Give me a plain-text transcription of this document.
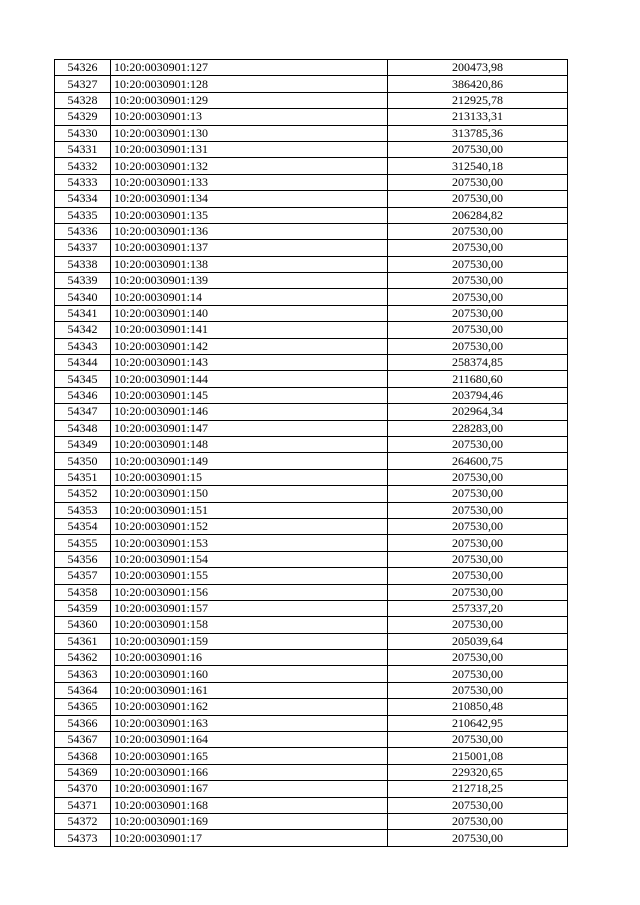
54326	10:20:0030901:127	200473,98
54327	10:20:0030901:128	386420,86
54328	10:20:0030901:129	212925,78
54329	10:20:0030901:13	213133,31
54330	10:20:0030901:130	313785,36
54331	10:20:0030901:131	207530,00
54332	10:20:0030901:132	312540,18
54333	10:20:0030901:133	207530,00
54334	10:20:0030901:134	207530,00
54335	10:20:0030901:135	206284,82
54336	10:20:0030901:136	207530,00
54337	10:20:0030901:137	207530,00
54338	10:20:0030901:138	207530,00
54339	10:20:0030901:139	207530,00
54340	10:20:0030901:14	207530,00
54341	10:20:0030901:140	207530,00
54342	10:20:0030901:141	207530,00
54343	10:20:0030901:142	207530,00
54344	10:20:0030901:143	258374,85
54345	10:20:0030901:144	211680,60
54346	10:20:0030901:145	203794,46
54347	10:20:0030901:146	202964,34
54348	10:20:0030901:147	228283,00
54349	10:20:0030901:148	207530,00
54350	10:20:0030901:149	264600,75
54351	10:20:0030901:15	207530,00
54352	10:20:0030901:150	207530,00
54353	10:20:0030901:151	207530,00
54354	10:20:0030901:152	207530,00
54355	10:20:0030901:153	207530,00
54356	10:20:0030901:154	207530,00
54357	10:20:0030901:155	207530,00
54358	10:20:0030901:156	207530,00
54359	10:20:0030901:157	257337,20
54360	10:20:0030901:158	207530,00
54361	10:20:0030901:159	205039,64
54362	10:20:0030901:16	207530,00
54363	10:20:0030901:160	207530,00
54364	10:20:0030901:161	207530,00
54365	10:20:0030901:162	210850,48
54366	10:20:0030901:163	210642,95
54367	10:20:0030901:164	207530,00
54368	10:20:0030901:165	215001,08
54369	10:20:0030901:166	229320,65
54370	10:20:0030901:167	212718,25
54371	10:20:0030901:168	207530,00
54372	10:20:0030901:169	207530,00
54373	10:20:0030901:17	207530,00
